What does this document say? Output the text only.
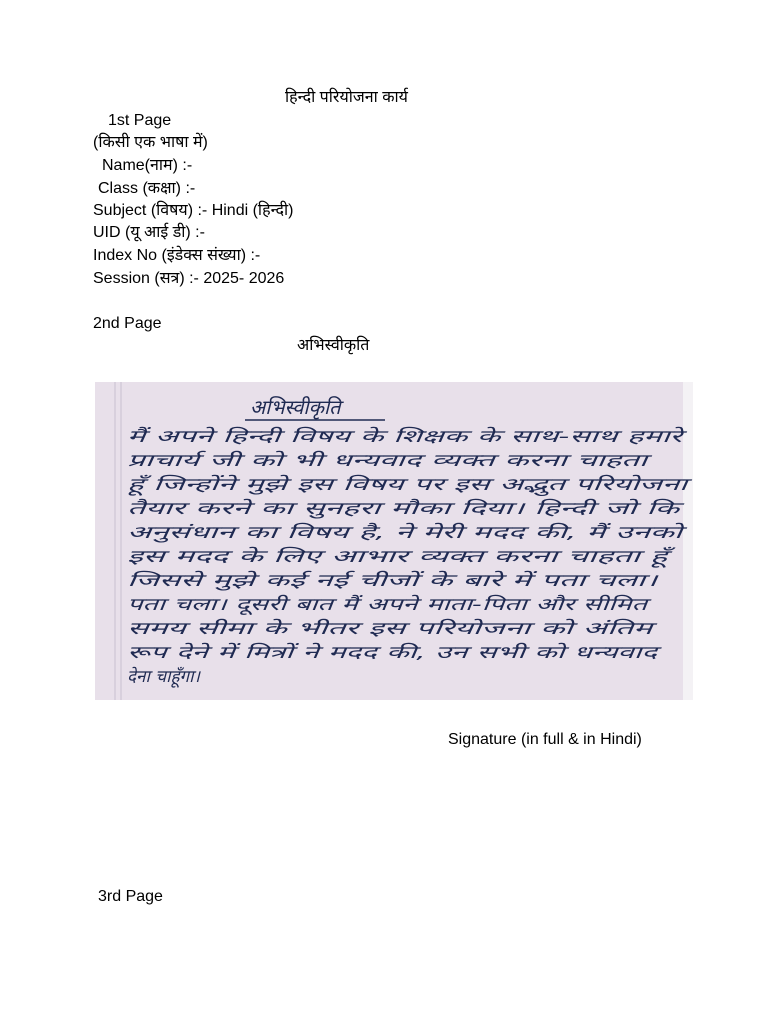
हिन्दी परियोजना कार्य
1st Page
(किसी एक भाषा में)
Name(नाम) :-
Class (कक्षा) :-
Subject (विषय) :- Hindi (हिन्दी)
UID (यू आई डी) :-
Index No (इंडेक्स संख्या) :-
Session (सत्र) :- 2025- 2026
2nd Page
अभिस्वीकृति
अभिस्वीकृति
मैं अपने हिन्दी विषय के शिक्षक के साथ-साथ हमारे
प्राचार्य जी को भी धन्यवाद व्यक्त करना चाहता
हूँ जिन्होंने मुझे इस विषय पर इस अद्भुत परियोजना
तैयार करने का सुनहरा मौका दिया। हिन्दी जो कि
अनुसंधान का विषय है, ने मेरी मदद की, मैं उनको
इस मदद के लिए आभार व्यक्त करना चाहता हूँ
जिससे मुझे कई नई चीजों के बारे में पता चला।
पता चला। दूसरी बात मैं अपने माता-पिता और सीमित
समय सीमा के भीतर इस परियोजना को अंतिम
रूप देने में मित्रों ने मदद की, उन सभी को धन्यवाद
देना चाहूँगा।
Signature (in full & in Hindi)
3rd Page
